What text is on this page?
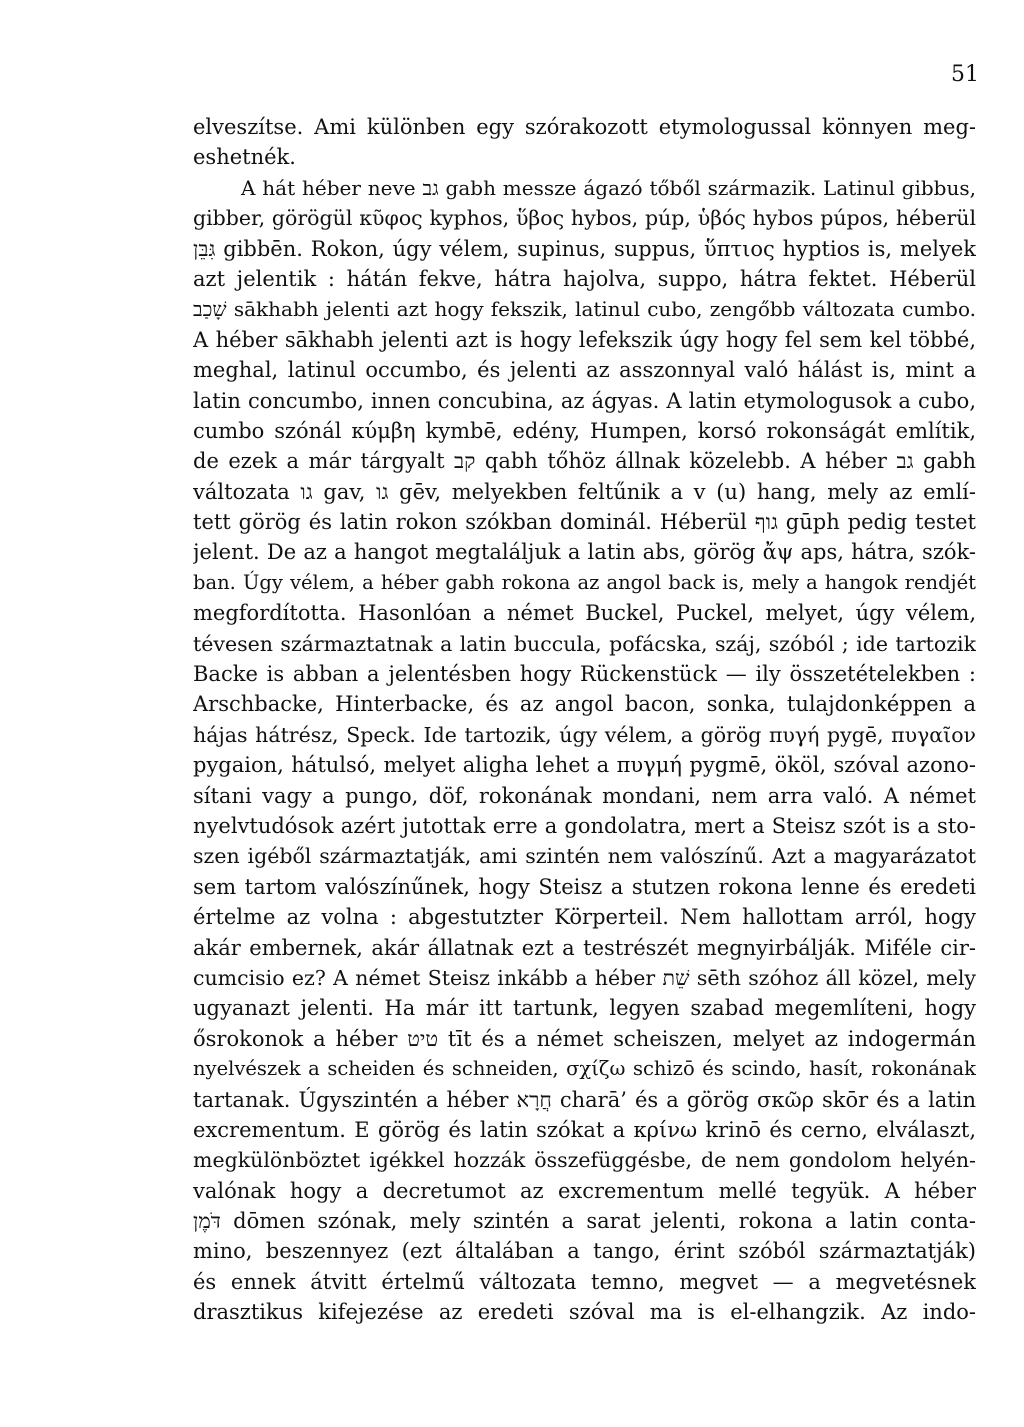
51
elveszítse. Ami különben egy szórakozott etymologussal könnyen meg-
eshetnék.
A hát héber neve גב gabh messze ágazó tőből származik. Latinul gibbus,
gibber, görögül κῦφος kyphos, ὕβος hybos, púp, ὑβός hybos púpos, héberül
גִּבֵּן gibbēn. Rokon, úgy vélem, supinus, suppus, ὕπτιος hyptios is, melyek
azt jelentik : hátán fekve, hátra hajolva, suppo, hátra fektet. Héberül
שָׁכַב sākhabh jelenti azt hogy fekszik, latinul cubo, zengőbb változata cumbo.
A héber sākhabh jelenti azt is hogy lefekszik úgy hogy fel sem kel többé,
meghal, latinul occumbo, és jelenti az asszonnyal való hálást is, mint a
latin concumbo, innen concubina, az ágyas. A latin etymologusok a cubo,
cumbo szónál κύμβη kymbē, edény, Humpen, korsó rokonságát említik,
de ezek a már tárgyalt קב qabh tőhöz állnak közelebb. A héber גב gabh
változata גו gav, גו gēv, melyekben feltűnik a v (u) hang, mely az emlí-
tett görög és latin rokon szókban dominál. Héberül גוף gūph pedig testet
jelent. De az a hangot megtaláljuk a latin abs, görög ἄψ aps, hátra, szók-
ban. Úgy vélem, a héber gabh rokona az angol back is, mely a hangok rendjét
megfordította. Hasonlóan a német Buckel, Puckel, melyet, úgy vélem,
tévesen származtatnak a latin buccula, pofácska, száj, szóból ; ide tartozik
Backe is abban a jelentésben hogy Rückenstück — ily összetételekben :
Arschbacke, Hinterbacke, és az angol bacon, sonka, tulajdonképpen a
hájas hátrész, Speck. Ide tartozik, úgy vélem, a görög πυγή pygē, πυγαῖον
pygaion, hátulsó, melyet aligha lehet a πυγμή pygmē, ököl, szóval azono-
sítani vagy a pungo, döf, rokonának mondani, nem arra való. A német
nyelvtudósok azért jutottak erre a gondolatra, mert a Steisz szót is a sto-
szen igéből származtatják, ami szintén nem valószínű. Azt a magyarázatot
sem tartom valószínűnek, hogy Steisz a stutzen rokona lenne és eredeti
értelme az volna : abgestutzter Körperteil. Nem hallottam arról, hogy
akár embernek, akár állatnak ezt a testrészét megnyirbálják. Miféle cir-
cumcisio ez? A német Steisz inkább a héber שֵׁת sēth szóhoz áll közel, mely
ugyanazt jelenti. Ha már itt tartunk, legyen szabad megemlíteni, hogy
ősrokonok a héber טיט tīt és a német scheiszen, melyet az indogermán
nyelvészek a scheiden és schneiden, σχίζω schizō és scindo, hasít, rokonának
tartanak. Úgyszintén a héber חֲרָא charā’ és a görög σκῶρ skōr és a latin
excrementum. E görög és latin szókat a κρίνω krinō és cerno, elválaszt,
megkülönböztet igékkel hozzák összefüggésbe, de nem gondolom helyén-
valónak hogy a decretumot az excrementum mellé tegyük. A héber
דֹּמֶן dōmen szónak, mely szintén a sarat jelenti, rokona a latin conta-
mino, beszennyez (ezt általában a tango, érint szóból származtatják)
és ennek átvitt értelmű változata temno, megvet — a megvetésnek
drasztikus kifejezése az eredeti szóval ma is el-elhangzik. Az indo-
